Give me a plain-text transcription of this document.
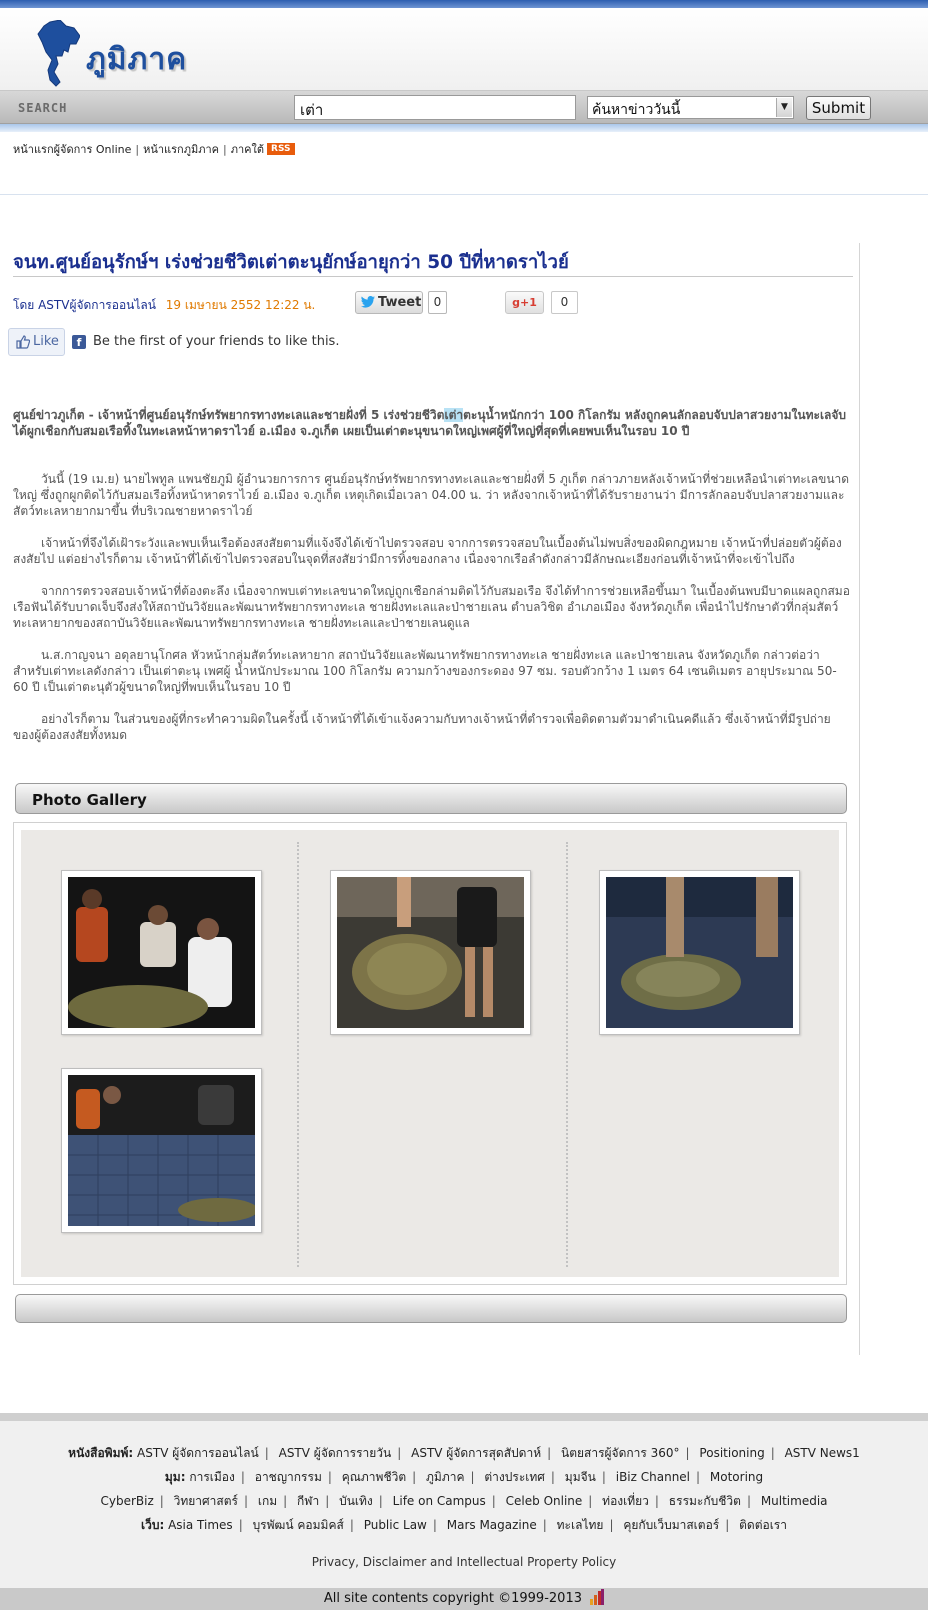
ภูมิภาค
SEARCH	เต่า	ค้นหาข่าววันนี้	▼	Submit
หน้าแรกผู้จัดการ Online | หน้าแรกภูมิภาค | ภาคใต้ RSS
จนท.ศูนย์อนุรักษ์ฯ เร่งช่วยชีวิตเต่าตะนุยักษ์อายุกว่า 50 ปีที่หาดราไวย์
โดย ASTVผู้จัดการออนไลน์ 19 เมษายน 2552 12:22 น.	Tweet	0	g+1	0
Like	f Be the first of your friends to like this.
ศูนย์ข่าวภูเก็ต - เจ้าหน้าที่ศูนย์อนุรักษ์ทรัพยากรทางทะเลและชายฝั่งที่ 5 เร่งช่วยชีวิตเต่าตะนุน้ำหนักกว่า 100 กิโลกรัม หลังถูกคนลักลอบจับปลาสวยงามในทะเลจับได้ผูกเชือกกับสมอเรือทิ้งในทะเลหน้าหาดราไวย์ อ.เมือง จ.ภูเก็ต เผยเป็นเต่าตะนุขนาดใหญ่เพศผู้ที่ใหญ่ที่สุดที่เคยพบเห็นในรอบ 10 ปี
วันนี้ (19 เม.ย) นายไพทูล แพนชัยภูมิ ผู้อำนวยการการ ศูนย์อนุรักษ์ทรัพยากรทางทะเลและชายฝั่งที่ 5 ภูเก็ต กล่าวภายหลังเจ้าหน้าที่ช่วยเหลือนำเต่าทะเลขนาดใหญ่ ซึ่งถูกผูกติดไว้กับสมอเรือทิ้งหน้าหาดราไวย์ อ.เมือง จ.ภูเก็ต เหตุเกิดเมื่อเวลา 04.00 น. ว่า หลังจากเจ้าหน้าที่ได้รับรายงานว่า มีการลักลอบจับปลาสวยงามและสัตว์ทะเลหายากมาขึ้น ที่บริเวณชายหาดราไวย์
เจ้าหน้าที่จึงได้เฝ้าระวังและพบเห็นเรือต้องสงสัยตามที่แจ้งจึงได้เข้าไปตรวจสอบ จากการตรวจสอบในเบื้องต้นไม่พบสิ่งของผิดกฎหมาย เจ้าหน้าที่ปล่อยตัวผู้ต้องสงสัยไป แต่อย่างไรก็ตาม เจ้าหน้าที่ได้เข้าไปตรวจสอบในจุดที่สงสัยว่ามีการทิ้งของกลาง เนื่องจากเรือลำดังกล่าวมีลักษณะเอียงก่อนที่เจ้าหน้าที่จะเข้าไปถึง
จากการตรวจสอบเจ้าหน้าที่ต้องตะลึง เนื่องจากพบเต่าทะเลขนาดใหญ่ถูกเชือกล่ามติดไว้กับสมอเรือ จึงได้ทำการช่วยเหลือขึ้นมา ในเบื้องต้นพบมีบาดแผลถูกสมอเรือฟันได้รับบาดเจ็บจึงส่งให้สถาบันวิจัยและพัฒนาทรัพยากรทางทะเล ชายฝั่งทะเลและป่าชายเลน ตำบลวิชิต อำเภอเมือง จังหวัดภูเก็ต เพื่อนำไปรักษาตัวที่กลุ่มสัตว์ทะเลหายากของสถาบันวิจัยและพัฒนาทรัพยากรทางทะเล ชายฝั่งทะเลและป่าชายเลนดูแล
น.ส.กาญจนา อดุลยานุโกศล หัวหน้ากลุ่มสัตว์ทะเลหายาก สถาบันวิจัยและพัฒนาทรัพยากรทางทะเล ชายฝั่งทะเล และป่าชายเลน จังหวัดภูเก็ต กล่าวต่อว่า สำหรับเต่าทะเลดังกล่าว เป็นเต่าตะนุ เพศผู้ น้ำหนักประมาณ 100 กิโลกรัม ความกว้างของกระดอง 97 ซม. รอบตัวกว้าง 1 เมตร 64 เซนติเมตร อายุประมาณ 50-60 ปี เป็นเต่าตะนุตัวผู้ขนาดใหญ่ที่พบเห็นในรอบ 10 ปี
อย่างไรก็ตาม ในส่วนของผู้ที่กระทำความผิดในครั้งนี้ เจ้าหน้าที่ได้เข้าแจ้งความกับทางเจ้าหน้าที่ตำรวจเพื่อติดตามตัวมาดำเนินคดีแล้ว ซึ่งเจ้าหน้าที่มีรูปถ่ายของผู้ต้องสงสัยทั้งหมด
Photo Gallery
หนังสือพิมพ์: ASTV ผู้จัดการออนไลน์ | ASTV ผู้จัดการรายวัน | ASTV ผู้จัดการสุดสัปดาห์ | นิตยสารผู้จัดการ 360° | Positioning | ASTV News1
มุม: การเมือง | อาชญากรรม | คุณภาพชีวิต | ภูมิภาค | ต่างประเทศ | มุมจีน | iBiz Channel | Motoring
CyberBiz | วิทยาศาสตร์ | เกม | กีฬา | บันเทิง | Life on Campus | Celeb Online | ท่องเที่ยว | ธรรมะกับชีวิต | Multimedia
เว็บ: Asia Times | บุรพัฒน์ คอมมิคส์ | Public Law | Mars Magazine | ทะเลไทย | คุยกับเว็บมาสเตอร์ | ติดต่อเรา
Privacy, Disclaimer and Intellectual Property Policy
All site contents copyright ©1999-2013
